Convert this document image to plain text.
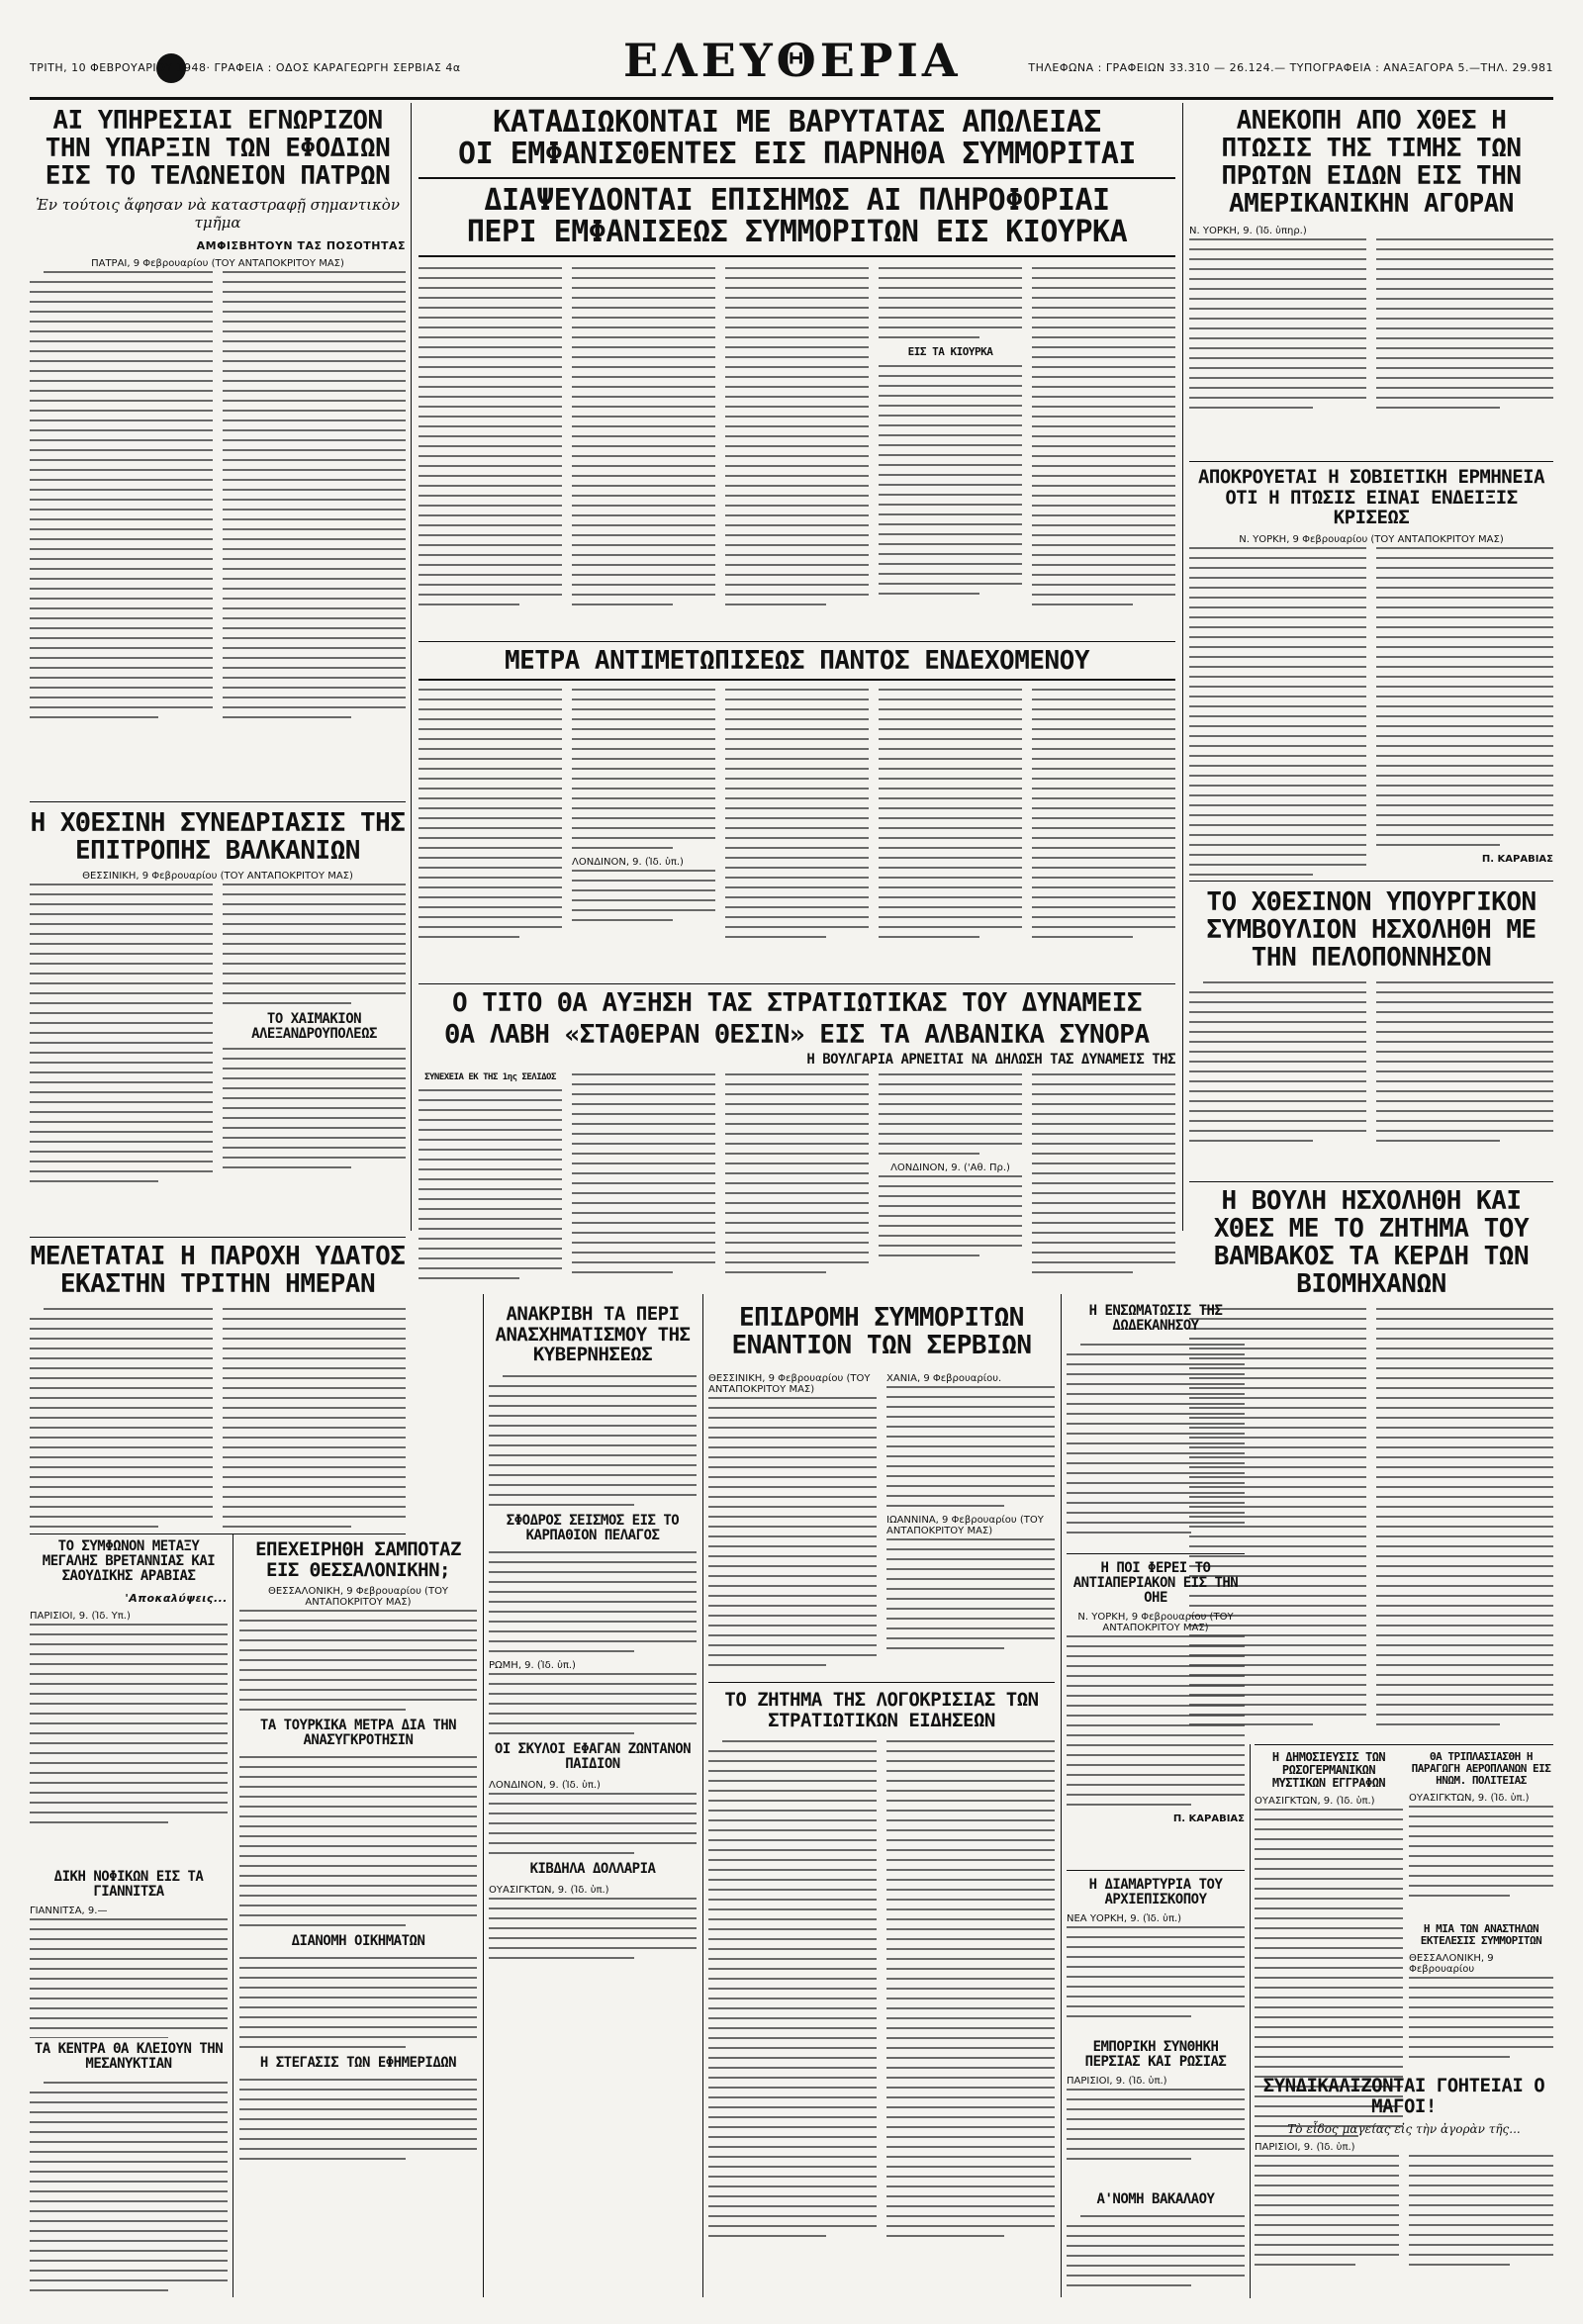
ΤΡΙΤΗ, 10 ΦΕΒΡΟΥΑΡΙΟΥ 1948· ΓΡΑΦΕΙΑ : ΟΔΟΣ ΚΑΡΑΓΕΩΡΓΗ ΣΕΡΒΙΑΣ 4α	ΕΛΕΥΘΕΡΙΑ	ΤΗΛΕΦΩΝΑ : ΓΡΑΦΕΙΩΝ 33.310 — 26.124.— ΤΥΠΟΓΡΑΦΕΙΑ : ΑΝΑΞΑΓΟΡΑ 5.—ΤΗΛ. 29.981
ΑΙ ΥΠΗΡΕΣΙΑΙ ΕΓΝΩΡΙΖΟΝ ΤΗΝ ΥΠΑΡΞΙΝ ΤΩΝ ΕΦΟΔΙΩΝ ΕΙΣ ΤΟ ΤΕΛΩΝΕΙΟΝ ΠΑΤΡΩΝ
Ἐν τούτοις ἄφησαν νὰ καταστραφῇ σημαντικὸν τμῆμα
ΑΜΦΙΣΒΗΤΟΥΝ ΤΑΣ ΠΟΣΟΤΗΤΑΣ
ΠΑΤΡΑΙ, 9 Φεβρουαρίου (ΤΟΥ ΑΝΤΑΠΟΚΡΙΤΟΥ ΜΑΣ)
Η ΧΘΕΣΙΝΗ ΣΥΝΕΔΡΙΑΣΙΣ ΤΗΣ ΕΠΙΤΡΟΠΗΣ ΒΑΛΚΑΝΙΩΝ
ΘΕΣΣΙΝΙΚΗ, 9 Φεβρουαρίου (ΤΟΥ ΑΝΤΑΠΟΚΡΙΤΟΥ ΜΑΣ)
ΤΟ ΧΑΙΜΑΚΙΟΝ ΑΛΕΞΑΝΔΡΟΥΠΟΛΕΩΣ
ΚΑΤΑΔΙΩΚΟΝΤΑΙ ΜΕ ΒΑΡΥΤΑΤΑΣ ΑΠΩΛΕΙΑΣ
ΟΙ ΕΜΦΑΝΙΣΘΕΝΤΕΣ ΕΙΣ ΠΑΡΝΗΘΑ ΣΥΜΜΟΡΙΤΑΙ
ΔΙΑΨΕΥΔΟΝΤΑΙ ΕΠΙΣΗΜΩΣ ΑΙ ΠΛΗΡΟΦΟΡΙΑΙ
ΠΕΡΙ ΕΜΦΑΝΙΣΕΩΣ ΣΥΜΜΟΡΙΤΩΝ ΕΙΣ ΚΙΟΥΡΚΑ
ΕΙΣ ΤΑ ΚΙΟΥΡΚΑ
ΜΕΤΡΑ ΑΝΤΙΜΕΤΩΠΙΣΕΩΣ ΠΑΝΤΟΣ ΕΝΔΕΧΟΜΕΝΟΥ
ΛΟΝΔΙΝΟΝ, 9. (Ἰδ. ὑπ.)
Ο ΤΙΤΟ ΘΑ ΑΥΞΗΣΗ ΤΑΣ ΣΤΡΑΤΙΩΤΙΚΑΣ ΤΟΥ ΔΥΝΑΜΕΙΣ
ΘΑ ΛΑΒΗ «ΣΤΑΘΕΡΑΝ ΘΕΣΙΝ» ΕΙΣ ΤΑ ΑΛΒΑΝΙΚΑ ΣΥΝΟΡΑ
Η ΒΟΥΛΓΑΡΙΑ ΑΡΝΕΙΤΑΙ ΝΑ ΔΗΛΩΣΗ ΤΑΣ ΔΥΝΑΜΕΙΣ ΤΗΣ
ΣΥΝΕΧΕΙΑ ΕΚ ΤΗΣ 1ης ΣΕΛΙΔΟΣ
ΛΟΝΔΙΝΟΝ, 9. ('Αθ. Πρ.)
ΑΝΕΚΟΠΗ ΑΠΟ ΧΘΕΣ Η ΠΤΩΣΙΣ ΤΗΣ ΤΙΜΗΣ ΤΩΝ ΠΡΩΤΩΝ ΕΙΔΩΝ ΕΙΣ ΤΗΝ ΑΜΕΡΙΚΑΝΙΚΗΝ ΑΓΟΡΑΝ
Ν. ΥΟΡΚΗ, 9. (Ἰδ. ὑπηρ.)
ΑΠΟΚΡΟΥΕΤΑΙ Η ΣΟΒΙΕΤΙΚΗ ΕΡΜΗΝΕΙΑ ΟΤΙ Η ΠΤΩΣΙΣ ΕΙΝΑΙ ΕΝΔΕΙΞΙΣ ΚΡΙΣΕΩΣ
Ν. ΥΟΡΚΗ, 9 Φεβρουαρίου (ΤΟΥ ΑΝΤΑΠΟΚΡΙΤΟΥ ΜΑΣ)
Π. ΚΑΡΑΒΙΑΣ
ΤΟ ΧΘΕΣΙΝΟΝ ΥΠΟΥΡΓΙΚΟΝ ΣΥΜΒΟΥΛΙΟΝ ΗΣΧΟΛΗΘΗ ΜΕ ΤΗΝ ΠΕΛΟΠΟΝΝΗΣΟΝ
Η ΒΟΥΛΗ ΗΣΧΟΛΗΘΗ ΚΑΙ ΧΘΕΣ ΜΕ ΤΟ ΖΗΤΗΜΑ ΤΟΥ ΒΑΜΒΑΚΟΣ ΤΑ ΚΕΡΔΗ ΤΩΝ ΒΙΟΜΗΧΑΝΩΝ
ΜΕΛΕΤΑΤΑΙ Η ΠΑΡΟΧΗ ΥΔΑΤΟΣ ΕΚΑΣΤΗΝ ΤΡΙΤΗΝ ΗΜΕΡΑΝ
ΤΟ ΣΥΜΦΩΝΟΝ ΜΕΤΑΞΥ ΜΕΓΑΛΗΣ ΒΡΕΤΑΝΝΙΑΣ ΚΑΙ ΣΑΟΥΔΙΚΗΣ ΑΡΑΒΙΑΣ
'Αποκαλύψεις...
ΠΑΡΙΣΙΟΙ, 9. (Ἰδ. Υπ.)
ΔΙΚΗ ΝΟΦΙΚΩΝ ΕΙΣ ΤΑ ΓΙΑΝΝΙΤΣΑ
ΓΙΑΝΝΙΤΣΑ, 9.—
ΤΑ ΚΕΝΤΡΑ ΘΑ ΚΛΕΙΟΥΝ ΤΗΝ ΜΕΣΑΝΥΚΤΙΑΝ
ΕΠΕΧΕΙΡΗΘΗ ΣΑΜΠΟΤΑΖ ΕΙΣ ΘΕΣΣΑΛΟΝΙΚΗΝ;
ΘΕΣΣΑΛΟΝΙΚΗ, 9 Φεβρουαρίου (ΤΟΥ ΑΝΤΑΠΟΚΡΙΤΟΥ ΜΑΣ)
ΤΑ ΤΟΥΡΚΙΚΑ ΜΕΤΡΑ ΔΙΑ ΤΗΝ ΑΝΑΣΥΓΚΡΟΤΗΣΙΝ
ΔΙΑΝΟΜΗ ΟΙΚΗΜΑΤΩΝ
Η ΣΤΕΓΑΣΙΣ ΤΩΝ ΕΦΗΜΕΡΙΔΩΝ
ΑΝΑΚΡΙΒΗ ΤΑ ΠΕΡΙ ΑΝΑΣΧΗΜΑΤΙΣΜΟΥ ΤΗΣ ΚΥΒΕΡΝΗΣΕΩΣ
ΣΦΟΔΡΟΣ ΣΕΙΣΜΟΣ ΕΙΣ ΤΟ ΚΑΡΠΑΘΙΟΝ ΠΕΛΑΓΟΣ
ΡΩΜΗ, 9. (Ἰδ. ὑπ.)
ΟΙ ΣΚΥΛΟΙ ΕΦΑΓΑΝ ΖΩΝΤΑΝΟΝ ΠΑΙΔΙΟΝ
ΛΟΝΔΙΝΟΝ, 9. (Ἰδ. ὑπ.)
ΚΙΒΔΗΛΑ ΔΟΛΛΑΡΙΑ
ΟΥΑΣΙΓΚΤΩΝ, 9. (Ἰδ. ὑπ.)
ΕΠΙΔΡΟΜΗ ΣΥΜΜΟΡΙΤΩΝ ΕΝΑΝΤΙΟΝ ΤΩΝ ΣΕΡΒΙΩΝ
ΘΕΣΣΙΝΙΚΗ, 9 Φεβρουαρίου (ΤΟΥ ΑΝΤΑΠΟΚΡΙΤΟΥ ΜΑΣ)
ΧΑΝΙΑ, 9 Φεβρουαρίου.
ΙΩΑΝΝΙΝΑ, 9 Φεβρουαρίου (ΤΟΥ ΑΝΤΑΠΟΚΡΙΤΟΥ ΜΑΣ)
ΤΟ ΖΗΤΗΜΑ ΤΗΣ ΛΟΓΟΚΡΙΣΙΑΣ ΤΩΝ ΣΤΡΑΤΙΩΤΙΚΩΝ ΕΙΔΗΣΕΩΝ
Η ΕΝΣΩΜΑΤΩΣΙΣ ΤΗΣ ΔΩΔΕΚΑΝΗΣΟΥ
Η ΠΟΙ ΦΕΡΕΙ ΤΟ ΑΝΤΙΑΠΕΡΙΑΚΟΝ ΕΙΣ ΤΗΝ ΟΗΕ
Ν. ΥΟΡΚΗ, 9 Φεβρουαρίου (ΤΟΥ ΑΝΤΑΠΟΚΡΙΤΟΥ ΜΑΣ)
Π. ΚΑΡΑΒΙΑΣ
Η ΔΙΑΜΑΡΤΥΡΙΑ ΤΟΥ ΑΡΧΙΕΠΙΣΚΟΠΟΥ
ΝΕΑ ΥΟΡΚΗ, 9. (Ἰδ. ὑπ.)
ΕΜΠΟΡΙΚΗ ΣΥΝΘΗΚΗ ΠΕΡΣΙΑΣ ΚΑΙ ΡΩΣΙΑΣ
ΠΑΡΙΣΙΟΙ, 9. (Ἰδ. ὑπ.)
Α'ΝΟΜΗ ΒΑΚΑΛΑΟΥ
Η ΔΗΜΟΣΙΕΥΣΙΣ ΤΩΝ ΡΩΣΟΓΕΡΜΑΝΙΚΩΝ ΜΥΣΤΙΚΩΝ ΕΓΓΡΑΦΩΝ
ΟΥΑΣΙΓΚΤΩΝ, 9. (Ἰδ. ὑπ.)
ΘΑ ΤΡΙΠΛΑΣΙΑΣΘΗ Η ΠΑΡΑΓΩΓΗ ΑΕΡΟΠΛΑΝΩΝ ΕΙΣ ΗΝΩΜ. ΠΟΛΙΤΕΙΑΣ
ΟΥΑΣΙΓΚΤΩΝ, 9. (Ἰδ. ὑπ.)
Η ΜΙΑ ΤΩΝ ΑΝΑΣΤΗΛΩΝ ΕΚΤΕΛΕΣΙΣ ΣΥΜΜΟΡΙΤΩΝ
ΘΕΣΣΑΛΟΝΙΚΗ, 9 Φεβρουαρίου
ΣΥΝΔΙΚΑΛΙΖΟΝΤΑΙ ΓΟΗΤΕΙΑΙ Ο ΜΑΓΟΙ!
Τὸ εἶδος μαγείας εἰς τὴν ἀγορὰν τῆς...
ΠΑΡΙΣΙΟΙ, 9. (Ἰδ. ὑπ.)
